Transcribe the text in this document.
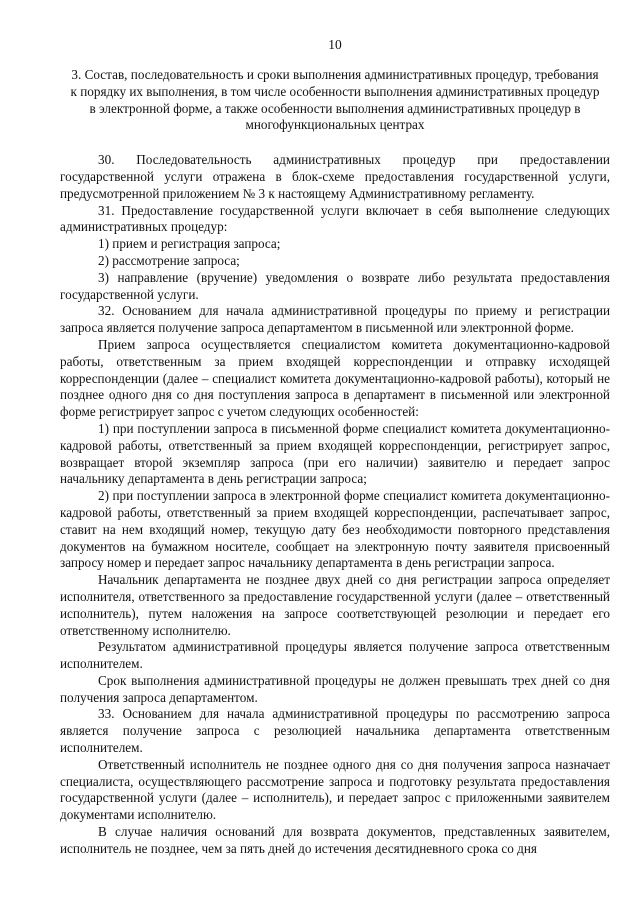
10
3. Состав, последовательность и сроки выполнения административных процедур, требования к порядку их выполнения, в том числе особенности выполнения административных процедур в электронной форме, а также особенности выполнения административных процедур в многофункциональных центрах

30. Последовательность административных процедур при предоставлении государственной услуги отражена в блок-схеме предоставления государственной услуги, предусмотренной приложением № 3 к настоящему Административному регламенту.

31. Предоставление государственной услуги включает в себя выполнение следующих административных процедур:

1) прием и регистрация запроса;

2) рассмотрение запроса;

3) направление (вручение) уведомления о возврате либо результата предоставления государственной услуги.

32. Основанием для начала административной процедуры по приему и регистрации запроса является получение запроса департаментом в письменной или электронной форме.

Прием запроса осуществляется специалистом комитета документационно-кадровой работы, ответственным за прием входящей корреспонденции и отправку исходящей корреспонденции (далее – специалист комитета документационно-кадровой работы), который не позднее одного дня со дня поступления запроса в департамент в письменной или электронной форме регистрирует запрос с учетом следующих особенностей:

1) при поступлении запроса в письменной форме специалист комитета документационно-кадровой работы, ответственный за прием входящей корреспонденции, регистрирует запрос, возвращает второй экземпляр запроса (при его наличии) заявителю и передает запрос начальнику департамента в день регистрации запроса;

2) при поступлении запроса в электронной форме специалист комитета документационно-кадровой работы, ответственный за прием входящей корреспонденции, распечатывает запрос, ставит на нем входящий номер, текущую дату без необходимости повторного представления документов на бумажном носителе, сообщает на электронную почту заявителя присвоенный запросу номер и передает запрос начальнику департамента в день регистрации запроса.

Начальник департамента не позднее двух дней со дня регистрации запроса определяет исполнителя, ответственного за предоставление государственной услуги (далее – ответственный исполнитель), путем наложения на запросе соответствующей резолюции и передает его ответственному исполнителю.

Результатом административной процедуры является получение запроса ответственным исполнителем.

Срок выполнения административной процедуры не должен превышать трех дней со дня получения запроса департаментом.

33. Основанием для начала административной процедуры по рассмотрению запроса является получение запроса с резолюцией начальника департамента ответственным исполнителем.

Ответственный исполнитель не позднее одного дня со дня получения запроса назначает специалиста, осуществляющего рассмотрение запроса и подготовку результата предоставления государственной услуги (далее – исполнитель), и передает запрос с приложенными заявителем документами исполнителю.

В случае наличия оснований для возврата документов, представленных заявителем, исполнитель не позднее, чем за пять дней до истечения десятидневного срока со дня
